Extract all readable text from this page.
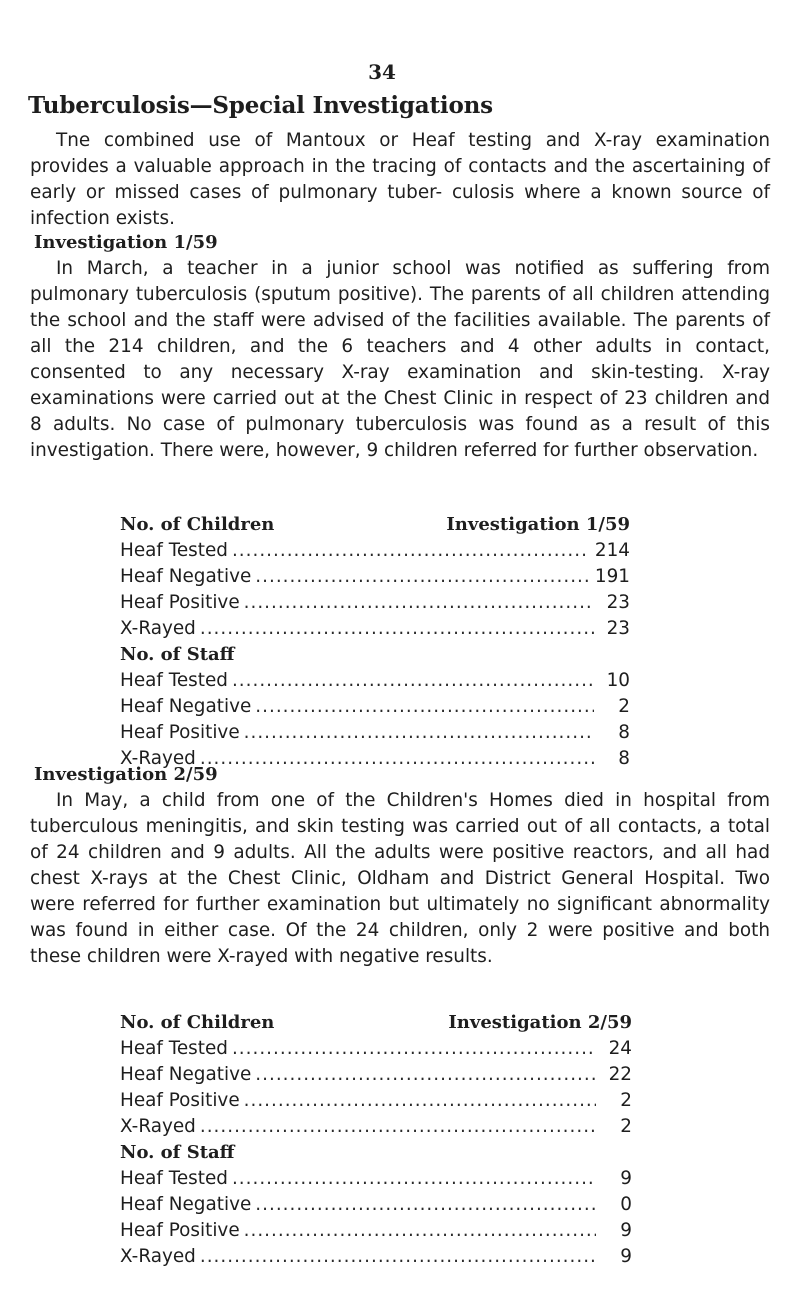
34
Tuberculosis—Special Investigations

Tne combined use of Mantoux or Heaf testing and X-ray examination provides a valuable approach in the tracing of contacts and the ascertaining of early or missed cases of pulmonary tuber- culosis where a known source of infection exists.

Investigation 1/59

In March, a teacher in a junior school was notified as suffering from pulmonary tuberculosis (sputum positive). The parents of all children attending the school and the staff were advised of the facilities available. The parents of all the 214 children, and the 6 teachers and 4 other adults in contact, consented to any necessary X-ray examination and skin-testing. X-ray examinations were carried out at the Chest Clinic in respect of 23 children and 8 adults. No case of pulmonary tuberculosis was found as a result of this investigation. There were, however, 9 children referred for further observation.

No. of Children	Investigation 1/59
Heaf Tested .....	214
Heaf Negative .....	191
Heaf Positive .....	23
X-Rayed .....	23
No. of Staff
Heaf Tested .....	10
Heaf Negative .....	2
Heaf Positive .....	8
X-Rayed .....	8
Investigation 2/59

In May, a child from one of the Children's Homes died in hospital from tuberculous meningitis, and skin testing was carried out of all contacts, a total of 24 children and 9 adults. All the adults were positive reactors, and all had chest X-rays at the Chest Clinic, Oldham and District General Hospital. Two were referred for further examination but ultimately no significant abnormality was found in either case. Of the 24 children, only 2 were positive and both these children were X-rayed with negative results.

No. of Children	Investigation 2/59
Heaf Tested .....	24
Heaf Negative .....	22
Heaf Positive .....	2
X-Rayed .....	2
No. of Staff
Heaf Tested .....	9
Heaf Negative .....	0
Heaf Positive .....	9
X-Rayed .....	9
